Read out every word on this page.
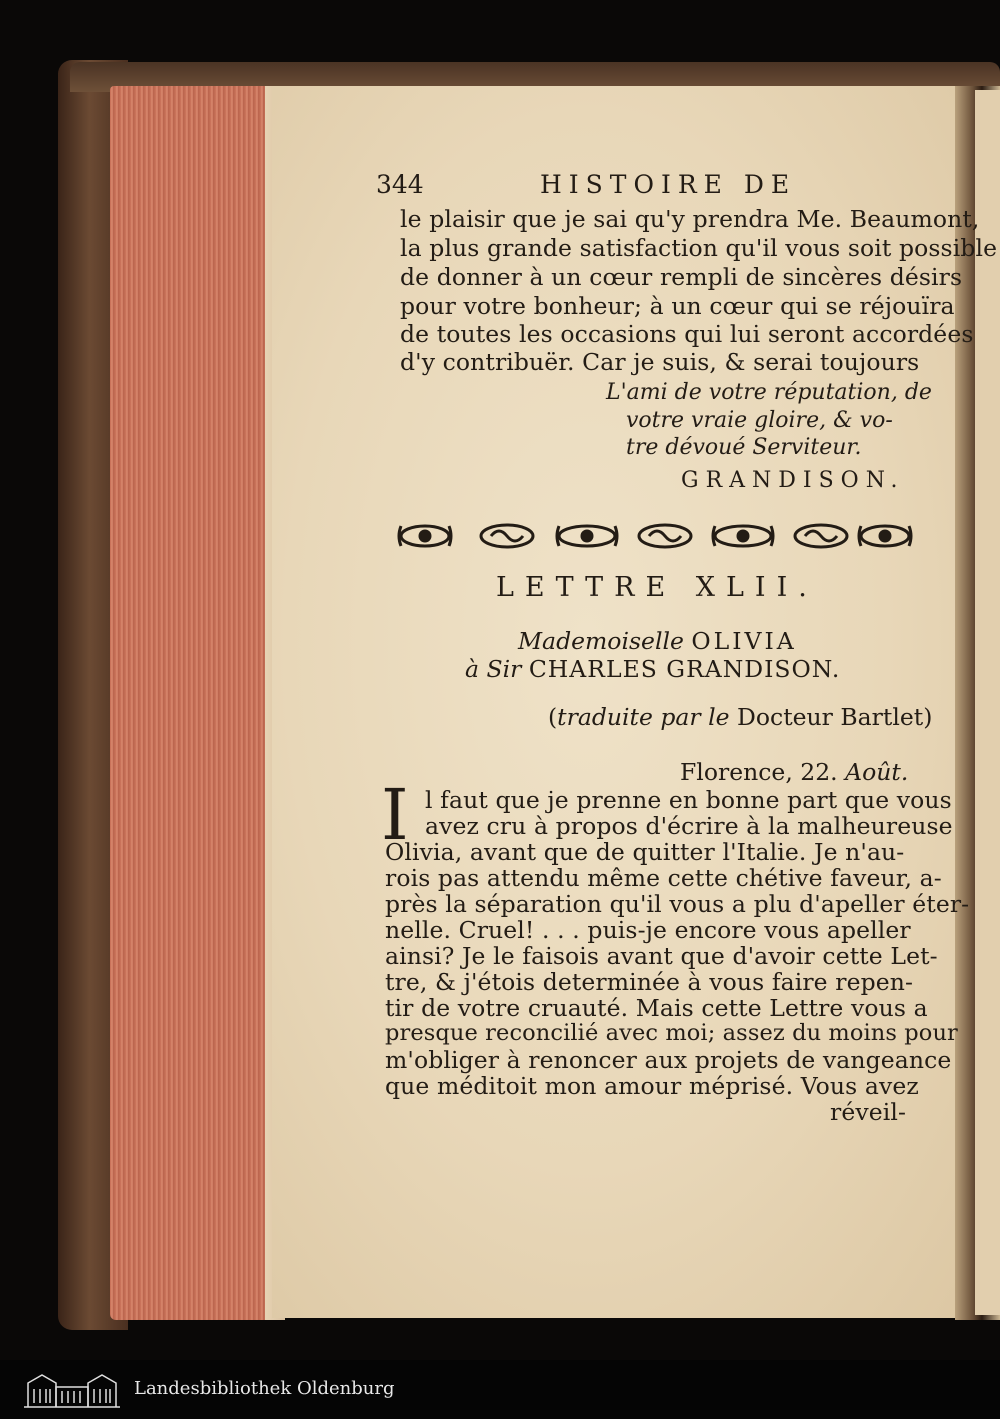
344	HISTOIRE DE
le plaisir que je sai qu'y prendra Me. Beaumont,
la plus grande satisfaction qu'il vous soit possible
de donner à un cœur rempli de sincères désirs
pour votre bonheur; à un cœur qui se réjouïra
de toutes les occasions qui lui seront accordées
d'y contribuër. Car je suis, & serai toujours
L'ami de votre réputation, de
votre vraie gloire, & vo-
tre dévoué Serviteur.
GRANDISON.
LETTRE XLII.
Mademoiselle OLIVIA
à Sir CHARLES GRANDISON.
(traduite par le Docteur Bartlet)
Florence, 22. Août.
I l faut que je prenne en bonne part que vous
avez cru à propos d'écrire à la malheureuse
Olivia, avant que de quitter l'Italie. Je n'au-
rois pas attendu même cette chétive faveur, a-
près la séparation qu'il vous a plu d'apeller éter-
nelle. Cruel! . . . puis-je encore vous apeller
ainsi? Je le faisois avant que d'avoir cette Let-
tre, & j'étois determinée à vous faire repen-
tir de votre cruauté. Mais cette Lettre vous a
presque reconcilié avec moi; assez du moins pour
m'obliger à renoncer aux projets de vangeance
que méditoit mon amour méprisé. Vous avez
réveil-
Landesbibliothek Oldenburg
